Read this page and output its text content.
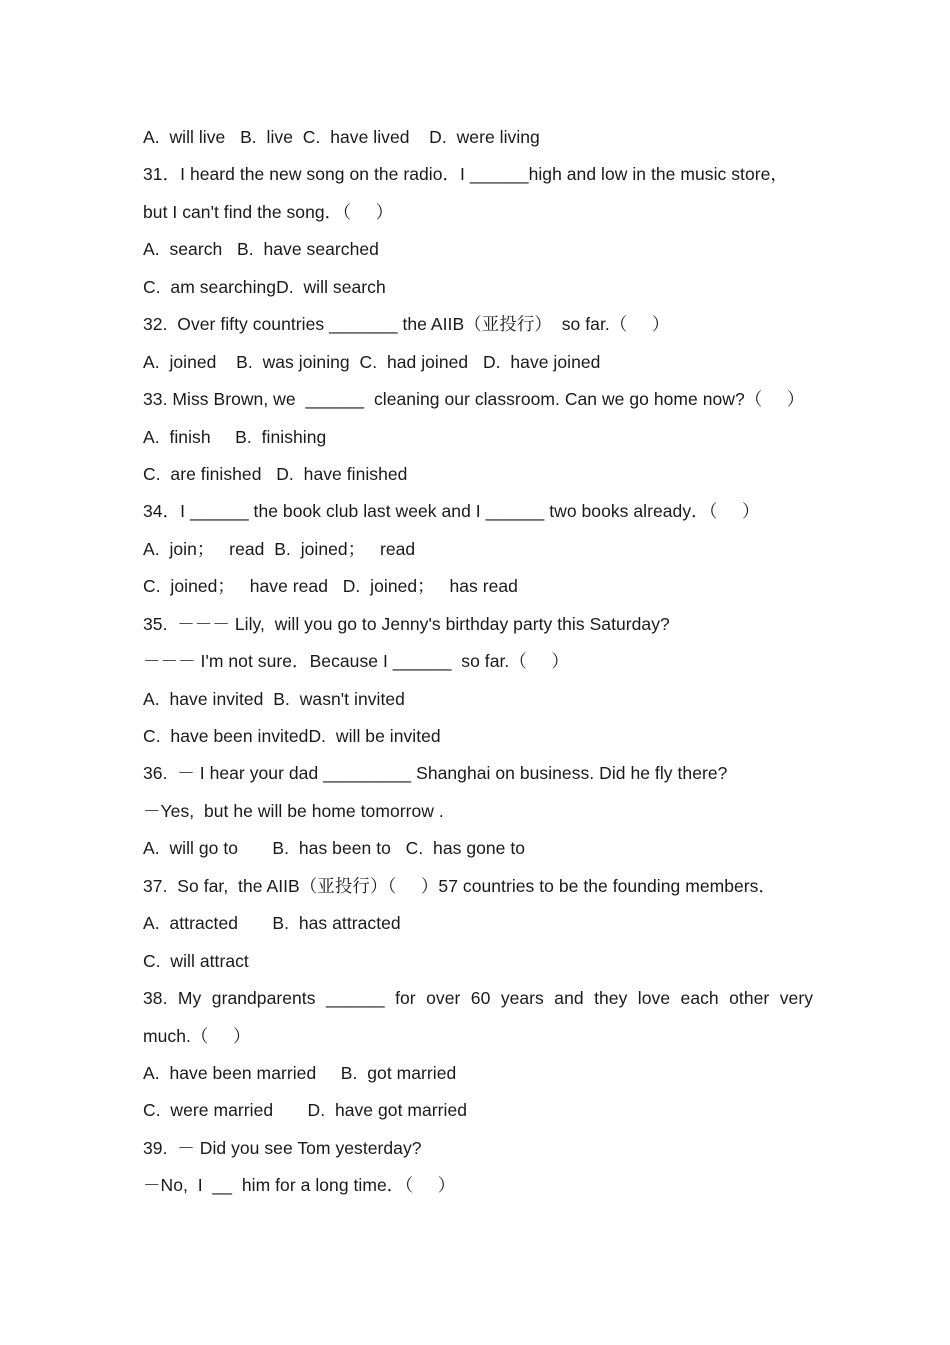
A.  will live   B.  live  C.  have lived    D.  were living
31．I heard the new song on the radio．I ______high and low in the music store，
but I can't find the song．（     ）
A.  search   B.  have searched
C.  am searchingD.  will search
32.  Over fifty countries _______ the AIIB（亚投行）  so far.（     ）
A.  joined    B.  was joining  C.  had joined   D.  have joined
33. Miss Brown, we  ______  cleaning our classroom. Can we go home now?（     ）
A.  finish     B.  finishing
C.  are finished   D.  have finished
34．I ______ the book club last week and I ______ two books already．（     ）
A.  join；   read  B.  joined；   read
C.  joined；   have read   D.  joined；   has read
35.  －－－ Lily,  will you go to Jenny's birthday party this Saturday?
－－－ I'm not sure．Because I ______  so far.（     ）
A.  have invited  B.  wasn't invited
C.  have been invitedD.  will be invited
36.  － I hear your dad _________ Shanghai on business. Did he fly there?
－Yes,  but he will be home tomorrow .
A.  will go to       B.  has been to   C.  has gone to
37.  So far,  the AIIB（亚投行）（     ）57 countries to be the founding members．
A.  attracted       B.  has attracted
C.  will attract
38. My grandparents ______ for over 60 years and they love each other very
much.（     ）
A.  have been married     B.  got married
C.  were married       D.  have got married
39.  － Did you see Tom yesterday?
－No,  I  __  him for a long time．（     ）
